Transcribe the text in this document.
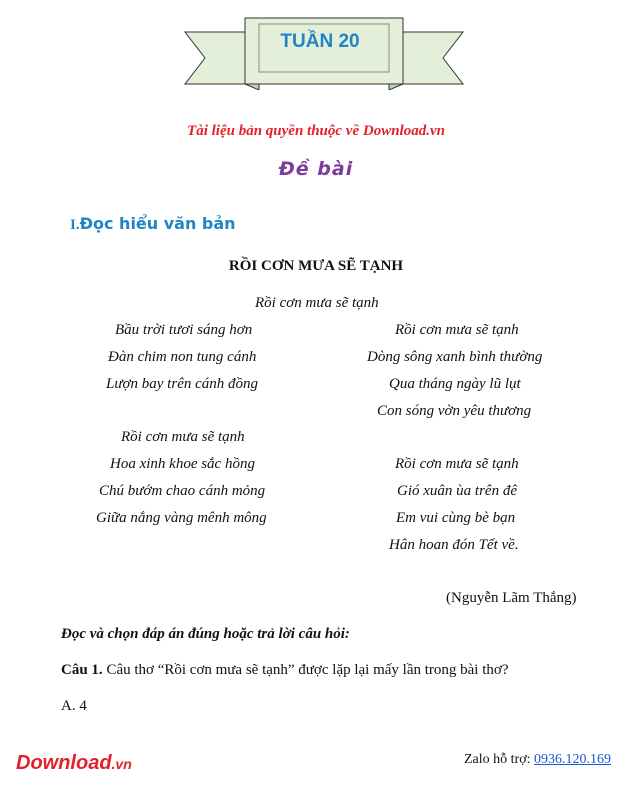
TUẦN 20
Tài liệu bản quyền thuộc về Download.vn
Đề bài
I.Đọc hiểu văn bản
RỒI CƠN MƯA SẼ TẠNH
Rồi cơn mưa sẽ tạnh
Bầu trời tươi sáng hơn
Đàn chim non tung cánh
Lượn bay trên cánh đồng
Rồi cơn mưa sẽ tạnh
Dòng sông xanh bình thường
Qua tháng ngày lũ lụt
Con sóng vờn yêu thương
Rồi cơn mưa sẽ tạnh
Hoa xinh khoe sắc hồng
Chú bướm chao cánh mỏng
Giữa nắng vàng mênh mông
Rồi cơn mưa sẽ tạnh
Gió xuân ùa trên đê
Em vui cùng bè bạn
Hân hoan đón Tết về.
(Nguyễn Lãm Thắng)
Đọc và chọn đáp án đúng hoặc trả lời câu hỏi:
Câu 1. Câu thơ “Rồi cơn mưa sẽ tạnh” được lặp lại mấy lần trong bài thơ?
A. 4
Download.vn	Zalo hỗ trợ: 0936.120.169
